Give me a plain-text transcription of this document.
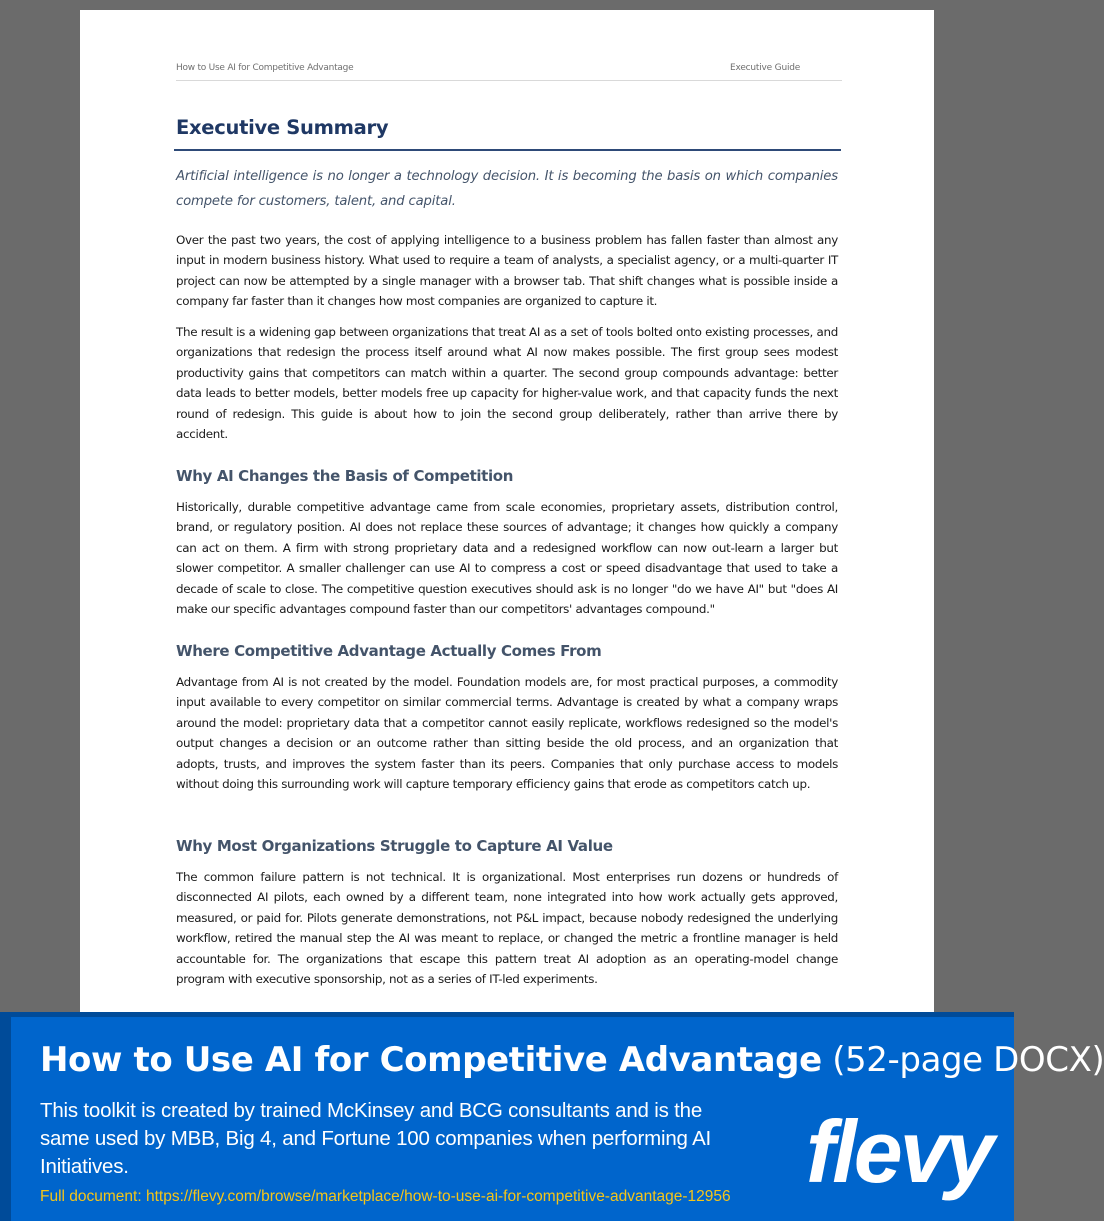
How to Use AI for Competitive Advantage	Executive Guide
Executive Summary
Artificial intelligence is no longer a technology decision. It is becoming the basis on which companies compete for customers, talent, and capital.

Over the past two years, the cost of applying intelligence to a business problem has fallen faster than almost any input in modern business history. What used to require a team of analysts, a specialist agency, or a multi-quarter IT project can now be attempted by a single manager with a browser tab. That shift changes what is possible inside a company far faster than it changes how most companies are organized to capture it.

The result is a widening gap between organizations that treat AI as a set of tools bolted onto existing processes, and organizations that redesign the process itself around what AI now makes possible. The first group sees modest productivity gains that competitors can match within a quarter. The second group compounds advantage: better data leads to better models, better models free up capacity for higher-value work, and that capacity funds the next round of redesign. This guide is about how to join the second group deliberately, rather than arrive there by accident.

Why AI Changes the Basis of Competition

Historically, durable competitive advantage came from scale economies, proprietary assets, distribution control, brand, or regulatory position. AI does not replace these sources of advantage; it changes how quickly a company can act on them. A firm with strong proprietary data and a redesigned workflow can now out-learn a larger but slower competitor. A smaller challenger can use AI to compress a cost or speed disadvantage that used to take a decade of scale to close. The competitive question executives should ask is no longer "do we have AI" but "does AI make our specific advantages compound faster than our competitors' advantages compound."

Where Competitive Advantage Actually Comes From

Advantage from AI is not created by the model. Foundation models are, for most practical purposes, a commodity input available to every competitor on similar commercial terms. Advantage is created by what a company wraps around the model: proprietary data that a competitor cannot easily replicate, workflows redesigned so the model's output changes a decision or an outcome rather than sitting beside the old process, and an organization that adopts, trusts, and improves the system faster than its peers. Companies that only purchase access to models without doing this surrounding work will capture temporary efficiency gains that erode as competitors catch up.

Why Most Organizations Struggle to Capture AI Value

The common failure pattern is not technical. It is organizational. Most enterprises run dozens or hundreds of disconnected AI pilots, each owned by a different team, none integrated into how work actually gets approved, measured, or paid for. Pilots generate demonstrations, not P&L impact, because nobody redesigned the underlying workflow, retired the manual step the AI was meant to replace, or changed the metric a frontline manager is held accountable for. The organizations that escape this pattern treat AI adoption as an operating-model change program with executive sponsorship, not as a series of IT-led experiments.

How to Use AI for Competitive Advantage (52-page DOCX)
This toolkit is created by trained McKinsey and BCG consultants and is the same used by MBB, Big 4, and Fortune 100 companies when performing AI Initiatives.
Full document: https://flevy.com/browse/marketplace/how-to-use-ai-for-competitive-advantage-12956 flevy
